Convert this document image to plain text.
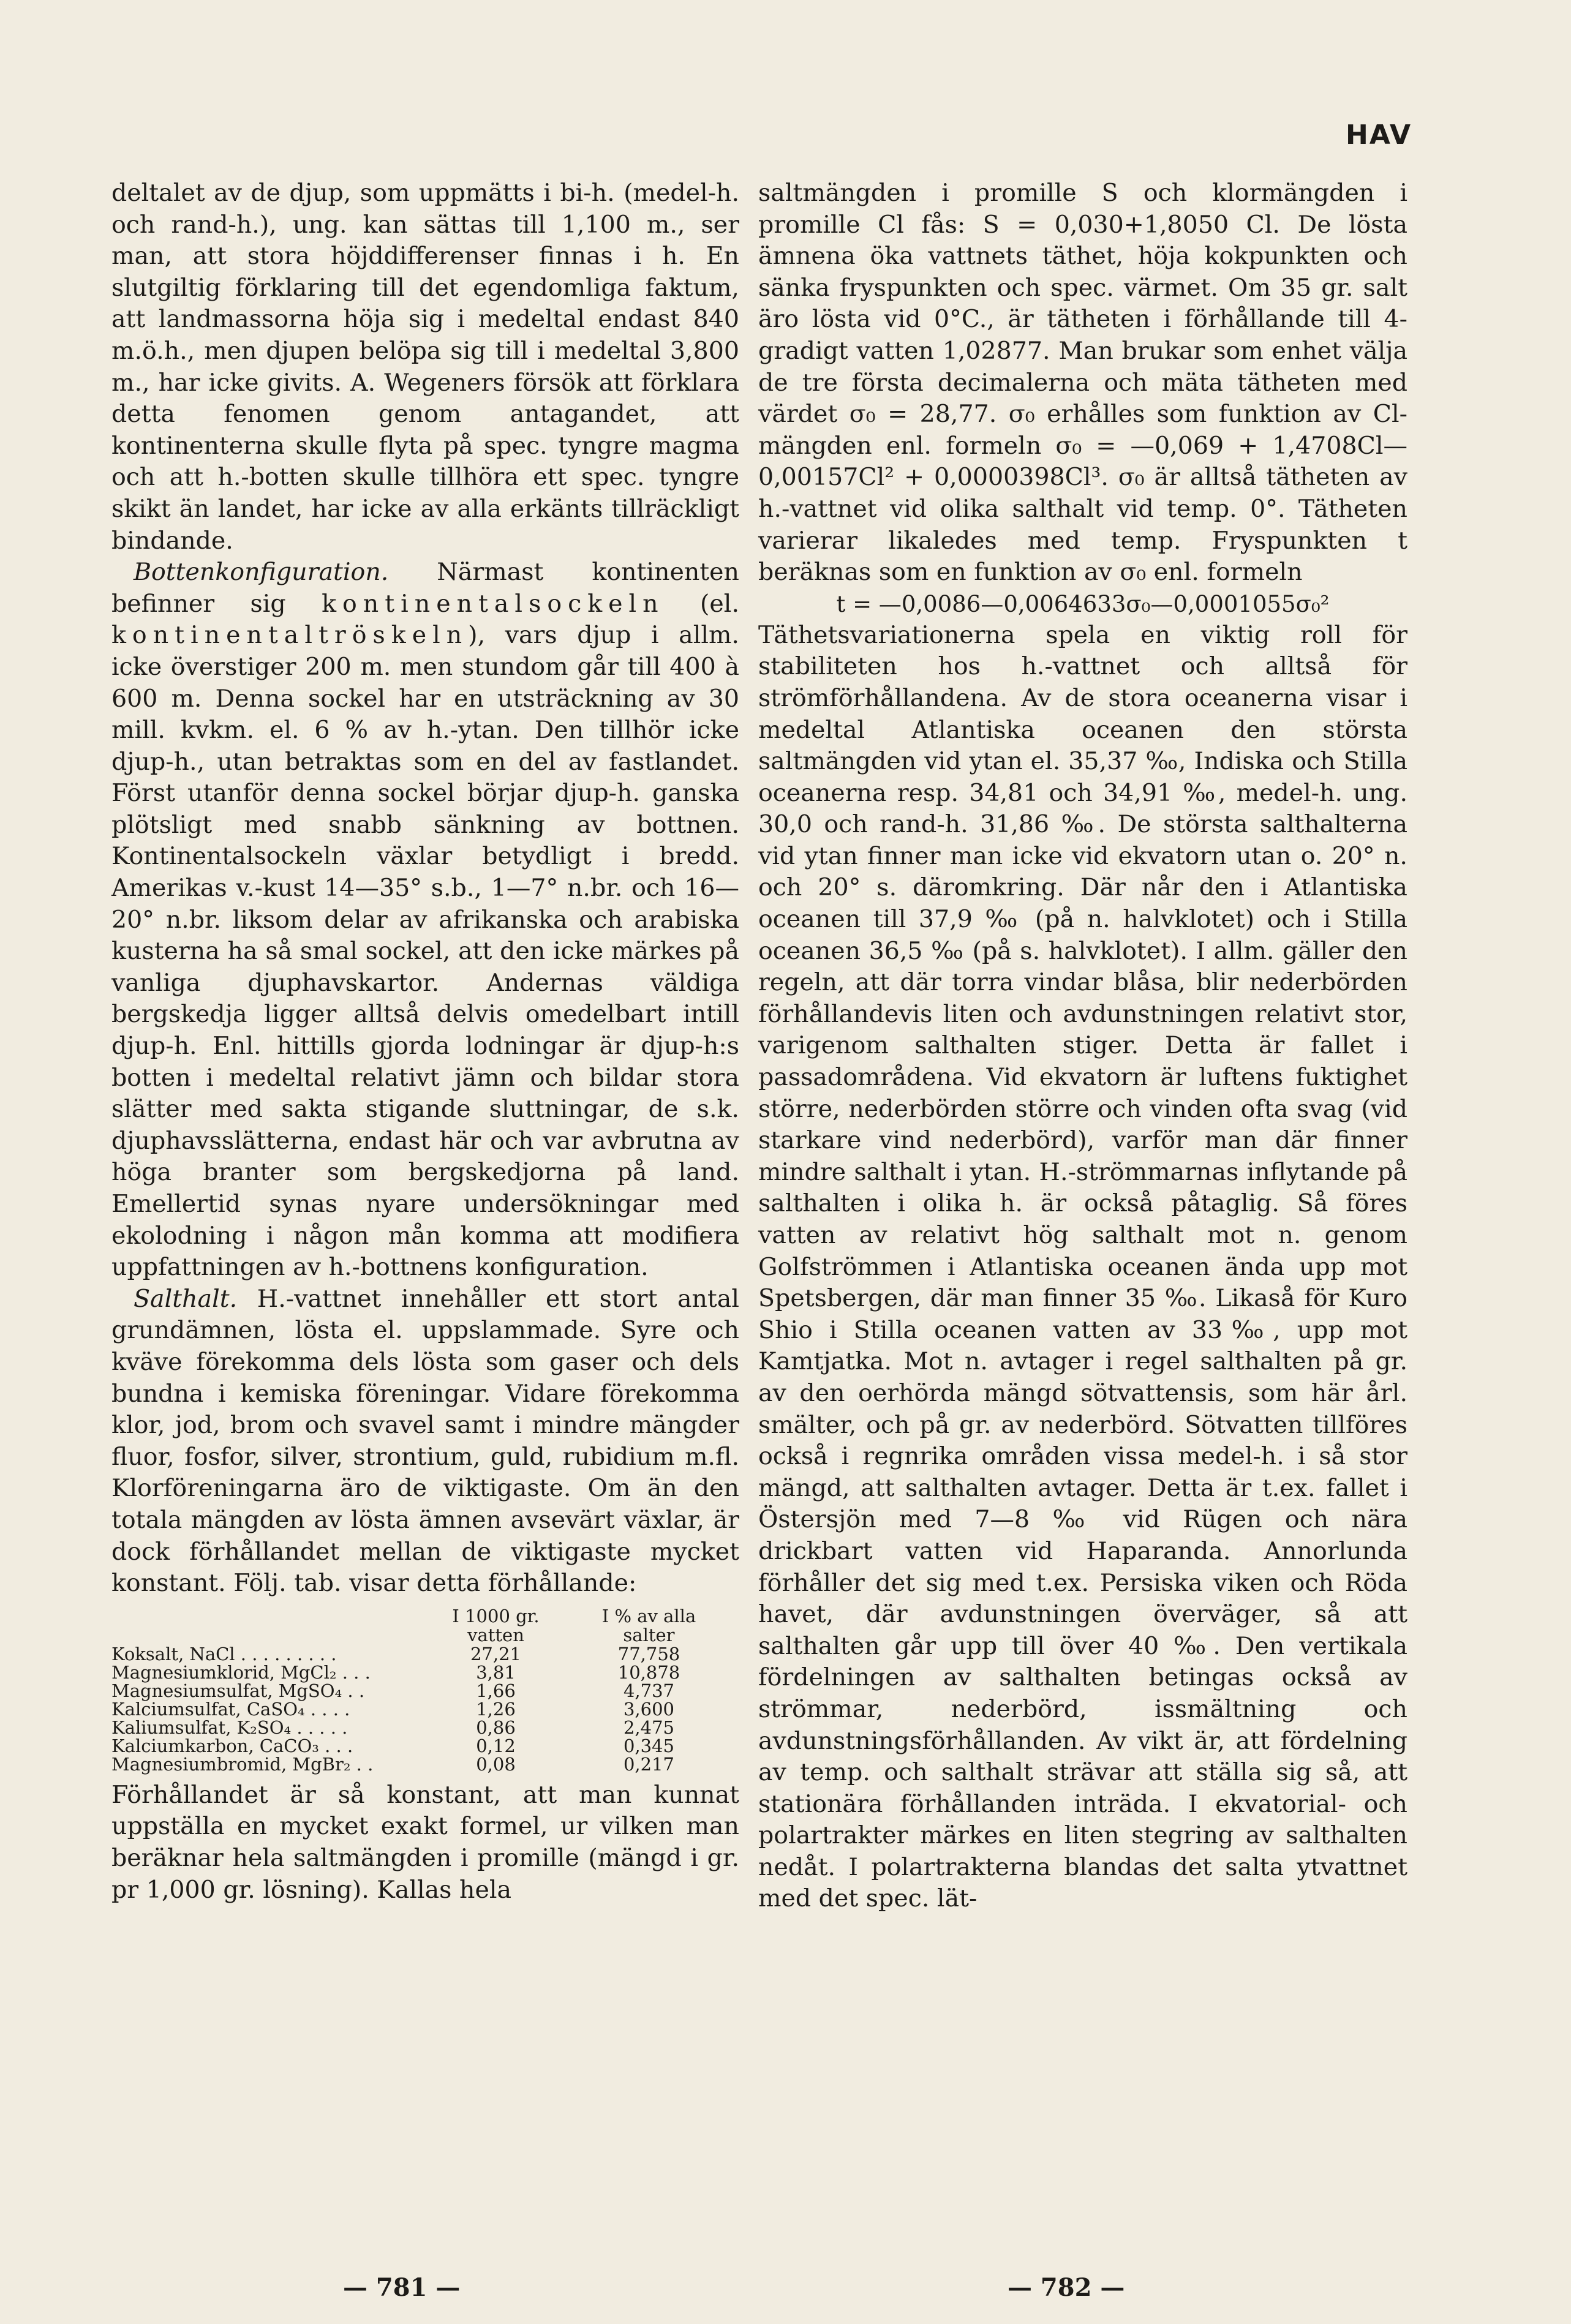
HAV

deltalet av de djup, som uppmätts i bi-h. (medel-h. och rand-h.), ung. kan sättas till 1,100 m., ser man, att stora höjddifferenser finnas i h. En slutgiltig förklaring till det egendomliga faktum, att landmassorna höja sig i medeltal endast 840 m.ö.h., men djupen belöpa sig till i medeltal 3,800 m., har icke givits. A. Wegeners försök att förklara detta fenomen genom antagandet, att kontinenterna skulle flyta på spec. tyngre magma och att h.-botten skulle tillhöra ett spec. tyngre skikt än landet, har icke av alla erkänts tillräckligt bindande.

Bottenkonfiguration. Närmast kontinenten befinner sig kontinentalsockeln (el. kontinentaltröskeln), vars djup i allm. icke överstiger 200 m. men stundom går till 400 à 600 m. Denna sockel har en utsträckning av 30 mill. kvkm. el. 6 % av h.-ytan. Den tillhör icke djup-h., utan betraktas som en del av fastlandet. Först utanför denna sockel börjar djup-h. ganska plötsligt med snabb sänkning av bottnen. Kontinentalsockeln växlar betydligt i bredd. Amerikas v.-kust 14—35° s.b., 1—7° n.br. och 16—20° n.br. liksom delar av afrikanska och arabiska kusterna ha så smal sockel, att den icke märkes på vanliga djuphavskartor. Andernas väldiga bergskedja ligger alltså delvis omedelbart intill djup-h. Enl. hittills gjorda lodningar är djup-h:s botten i medeltal relativt jämn och bildar stora slätter med sakta stigande sluttningar, de s.k. djuphavsslätterna, endast här och var avbrutna av höga branter som bergskedjorna på land. Emellertid synas nyare undersökningar med ekolodning i någon mån komma att modifiera uppfattningen av h.-bottnens konfiguration.

Salthalt. H.-vattnet innehåller ett stort antal grundämnen, lösta el. uppslammade. Syre och kväve förekomma dels lösta som gaser och dels bundna i kemiska föreningar. Vidare förekomma klor, jod, brom och svavel samt i mindre mängder fluor, fosfor, silver, strontium, guld, rubidium m.fl. Klorföreningarna äro de viktigaste. Om än den totala mängden av lösta ämnen avsevärt växlar, är dock förhållandet mellan de viktigaste mycket konstant. Följ. tab. visar detta förhållande:

I 1000 gr.
vatten
I % av alla
salter
Koksalt, NaCl . . . . . . . . .	27,21	77,758
Magnesiumklorid, MgCl₂ . . .	3,81	10,878
Magnesiumsulfat, MgSO₄ . .	1,66	4,737
Kalciumsulfat, CaSO₄ . . . .	1,26	3,600
Kaliumsulfat, K₂SO₄ . . . . .	0,86	2,475
Kalciumkarbon, CaCO₃ . . .	0,12	0,345
Magnesiumbromid, MgBr₂ . .	0,08	0,217

Förhållandet är så konstant, att man kunnat uppställa en mycket exakt formel, ur vilken man beräknar hela saltmängden i promille (mängd i gr. pr 1,000 gr. lösning). Kallas hela

saltmängden i promille S och klormängden i promille Cl fås: S = 0,030+1,8050 Cl. De lösta ämnena öka vattnets täthet, höja kokpunkten och sänka fryspunkten och spec. värmet. Om 35 gr. salt äro lösta vid 0°C., är tätheten i förhållande till 4-gradigt vatten 1,02877. Man brukar som enhet välja de tre första decimalerna och mäta tätheten med värdet σ₀ = 28,77. σ₀ erhålles som funktion av Cl-mängden enl. formeln σ₀ = —0,069 + 1,4708Cl—0,00157Cl² + 0,0000398Cl³. σ₀ är alltså tätheten av h.-vattnet vid olika salthalt vid temp. 0°. Tätheten varierar likaledes med temp. Fryspunkten t beräknas som en funktion av σ₀ enl. formeln

t = —0,0086—0,0064633σ₀—0,0001055σ₀²

Täthetsvariationerna spela en viktig roll för stabiliteten hos h.-vattnet och alltså för strömförhållandena. Av de stora oceanerna visar i medeltal Atlantiska oceanen den största saltmängden vid ytan el. 35,37 ‰, Indiska och Stilla oceanerna resp. 34,81 och 34,91 ‰, medel-h. ung. 30,0 och rand-h. 31,86 ‰. De största salthalterna vid ytan finner man icke vid ekvatorn utan o. 20° n. och 20° s. däromkring. Där når den i Atlantiska oceanen till 37,9 ‰ (på n. halvklotet) och i Stilla oceanen 36,5 ‰ (på s. halvklotet). I allm. gäller den regeln, att där torra vindar blåsa, blir nederbörden förhållandevis liten och avdunstningen relativt stor, varigenom salthalten stiger. Detta är fallet i passadområdena. Vid ekvatorn är luftens fuktighet större, nederbörden större och vinden ofta svag (vid starkare vind nederbörd), varför man där finner mindre salthalt i ytan. H.-strömmarnas inflytande på salthalten i olika h. är också påtaglig. Så föres vatten av relativt hög salthalt mot n. genom Golfströmmen i Atlantiska oceanen ända upp mot Spetsbergen, där man finner 35 ‰. Likaså för Kuro Shio i Stilla oceanen vatten av 33‰, upp mot Kamtjatka. Mot n. avtager i regel salthalten på gr. av den oerhörda mängd sötvattensis, som här årl. smälter, och på gr. av nederbörd. Sötvatten tillföres också i regnrika områden vissa medel-h. i så stor mängd, att salthalten avtager. Detta är t.ex. fallet i Östersjön med 7—8 ‰ vid Rügen och nära drickbart vatten vid Haparanda. Annorlunda förhåller det sig med t.ex. Persiska viken och Röda havet, där avdunstningen överväger, så att salthalten går upp till över 40 ‰. Den vertikala fördelningen av salthalten betingas också av strömmar, nederbörd, issmältning och avdunstningsförhållanden. Av vikt är, att fördelning av temp. och salthalt strävar att ställa sig så, att stationära förhållanden inträda. I ekvatorial- och polartrakter märkes en liten stegring av salthalten nedåt. I polartrakterna blandas det salta ytvattnet med det spec. lät-

— 781 —	— 782 —
